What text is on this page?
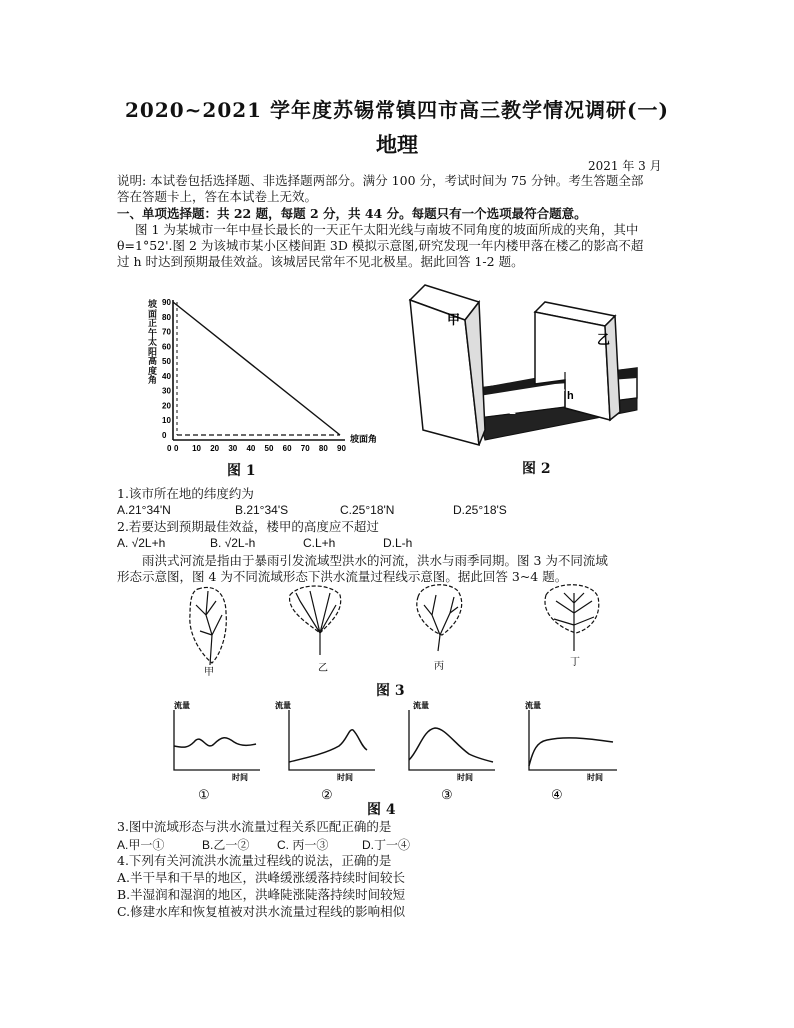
2020~2021 学年度苏锡常镇四市高三教学情况调研(一)
地理
2021 年 3 月
说明: 本试卷包括选择题、非选择题两部分。满分 100 分，考试时间为 75 分钟。考生答题全部
答在答题卡上，答在本试卷上无效。
一、单项选择题：共 22 题，每题 2 分，共 44 分。每题只有一个选项最符合题意。
图 1 为某城市一年中昼长最长的一天正午太阳光线与南坡不同角度的坡面所成的夹角，其中
θ=1°52'.图 2 为该城市某小区楼间距 3D 模拟示意图,研究发现一年内楼甲落在楼乙的影高不超
过 h 时达到预期最佳效益。该城居民常年不见北极星。据此回答 1-2 题。
0
10
20
30
40
50
60
70
80
90
0 10 20 30 40 50 60 70 80 90
0
坡面角
坡面正午太阳高度角
图 1
甲
乙
L
h
图 2
1.该市所在地的纬度约为
A.21°34'N	B.21°34'S	C.25°18'N	D.25°18'S
2.若要达到预期最佳效益，楼甲的高度应不超过
A. √2L+h	B. √2L-h	C.L+h	D.L-h
雨洪式河流是指由于暴雨引发流域型洪水的河流，洪水与雨季同期。图 3 为不同流域
形态示意图，图 4 为不同流域形态下洪水流量过程线示意图。据此回答 3~4 题。
甲	乙	丙	丁
图 3
流量
时间
①
流量
时间
②
流量
时间
③
流量
时间
④
图 4
3.图中流域形态与洪水流量过程关系匹配正确的是
A.甲一①	B.乙一② C. 丙一③	D.丁一④
4.下列有关河流洪水流量过程线的说法，正确的是
A.半干旱和干旱的地区，洪峰缓涨缓落持续时间较长
B.半湿润和湿润的地区，洪峰陡涨陡落持续时间较短
C.修建水库和恢复植被对洪水流量过程线的影响相似
